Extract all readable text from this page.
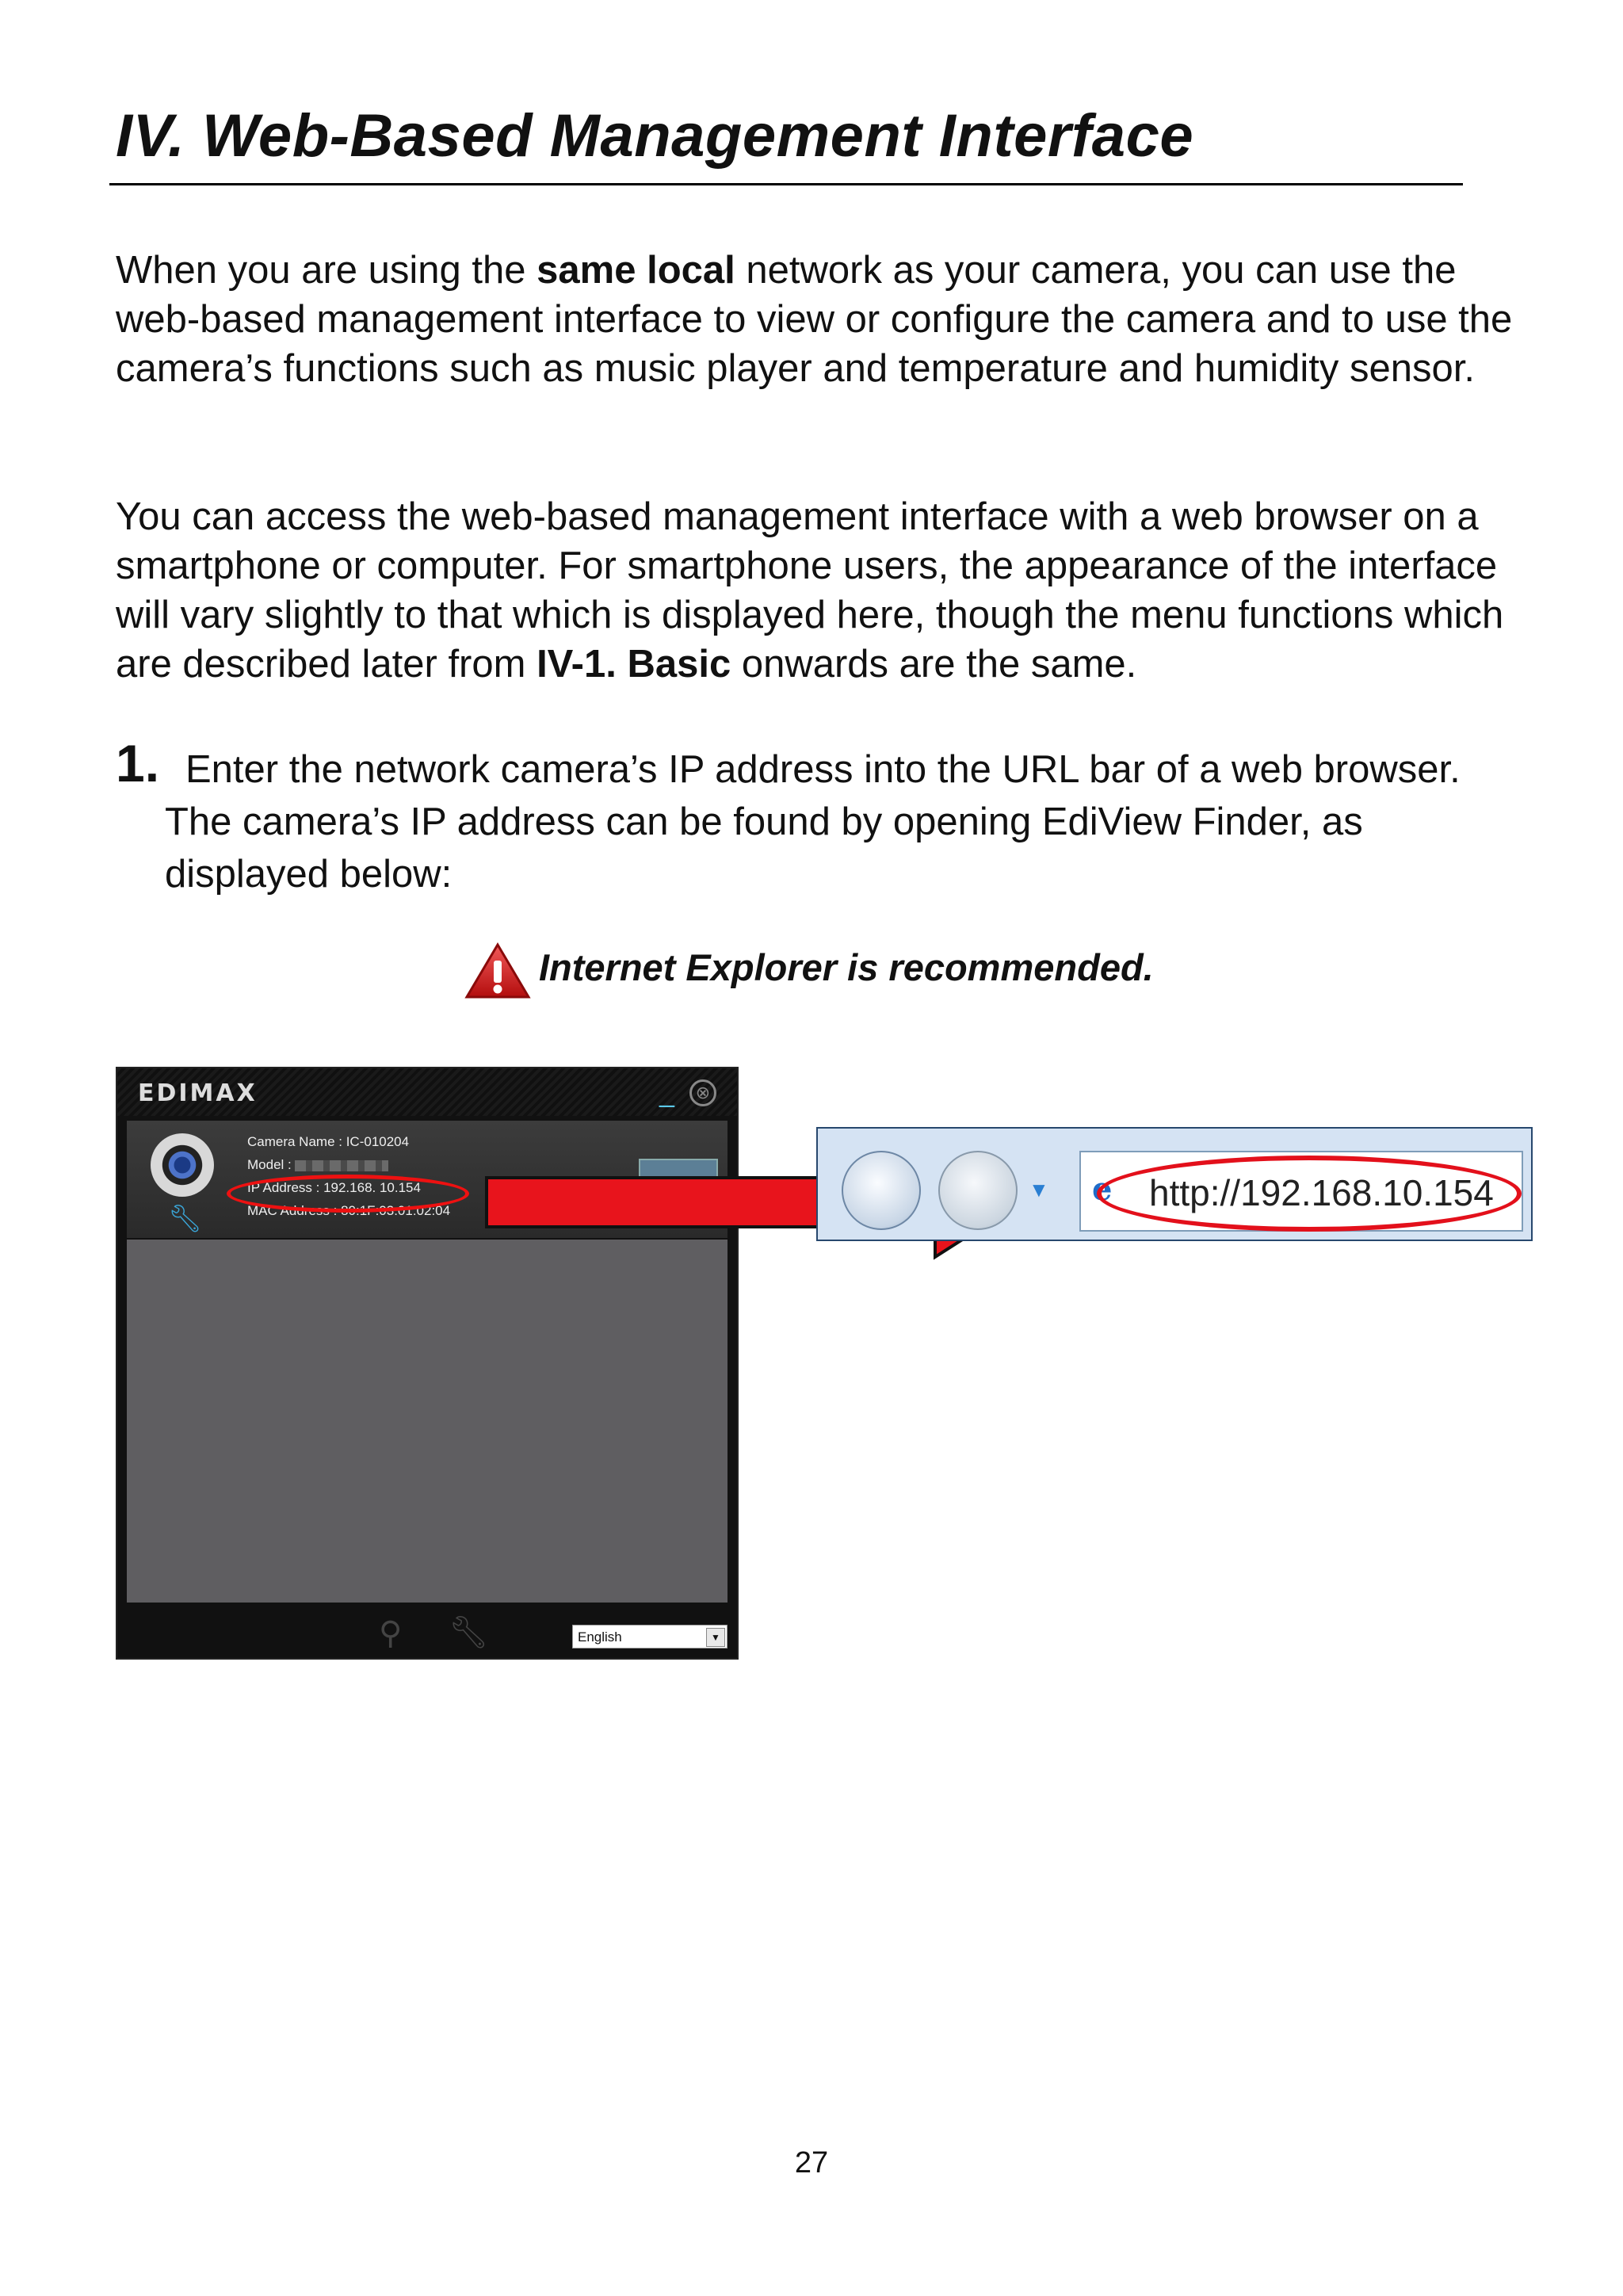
IV. Web-Based Management Interface
When you are using the same local network as your camera, you can use the web-based management interface to view or configure the camera and to use the camera’s functions such as music player and temperature and humidity sensor.
You can access the web-based management interface with a web browser on a smartphone or computer. For smartphone users, the appearance of the interface will vary slightly to that which is displayed here, though the menu functions which are described later from IV-1. Basic onwards are the same.
1. Enter the network camera’s IP address into the URL bar of a web browser.
The camera’s IP address can be found by opening EdiView Finder, as displayed below:
Internet Explorer is recommended.
EDIMAX	_	⊗
🔧︎
Camera Name : IC-010204
Model :
IP Address : 192.168. 10.154
MAC Address : 80:1F:03:01:02:04
⚲ 🔧︎	English	▼
▼ e	http://192.168.10.154
27
